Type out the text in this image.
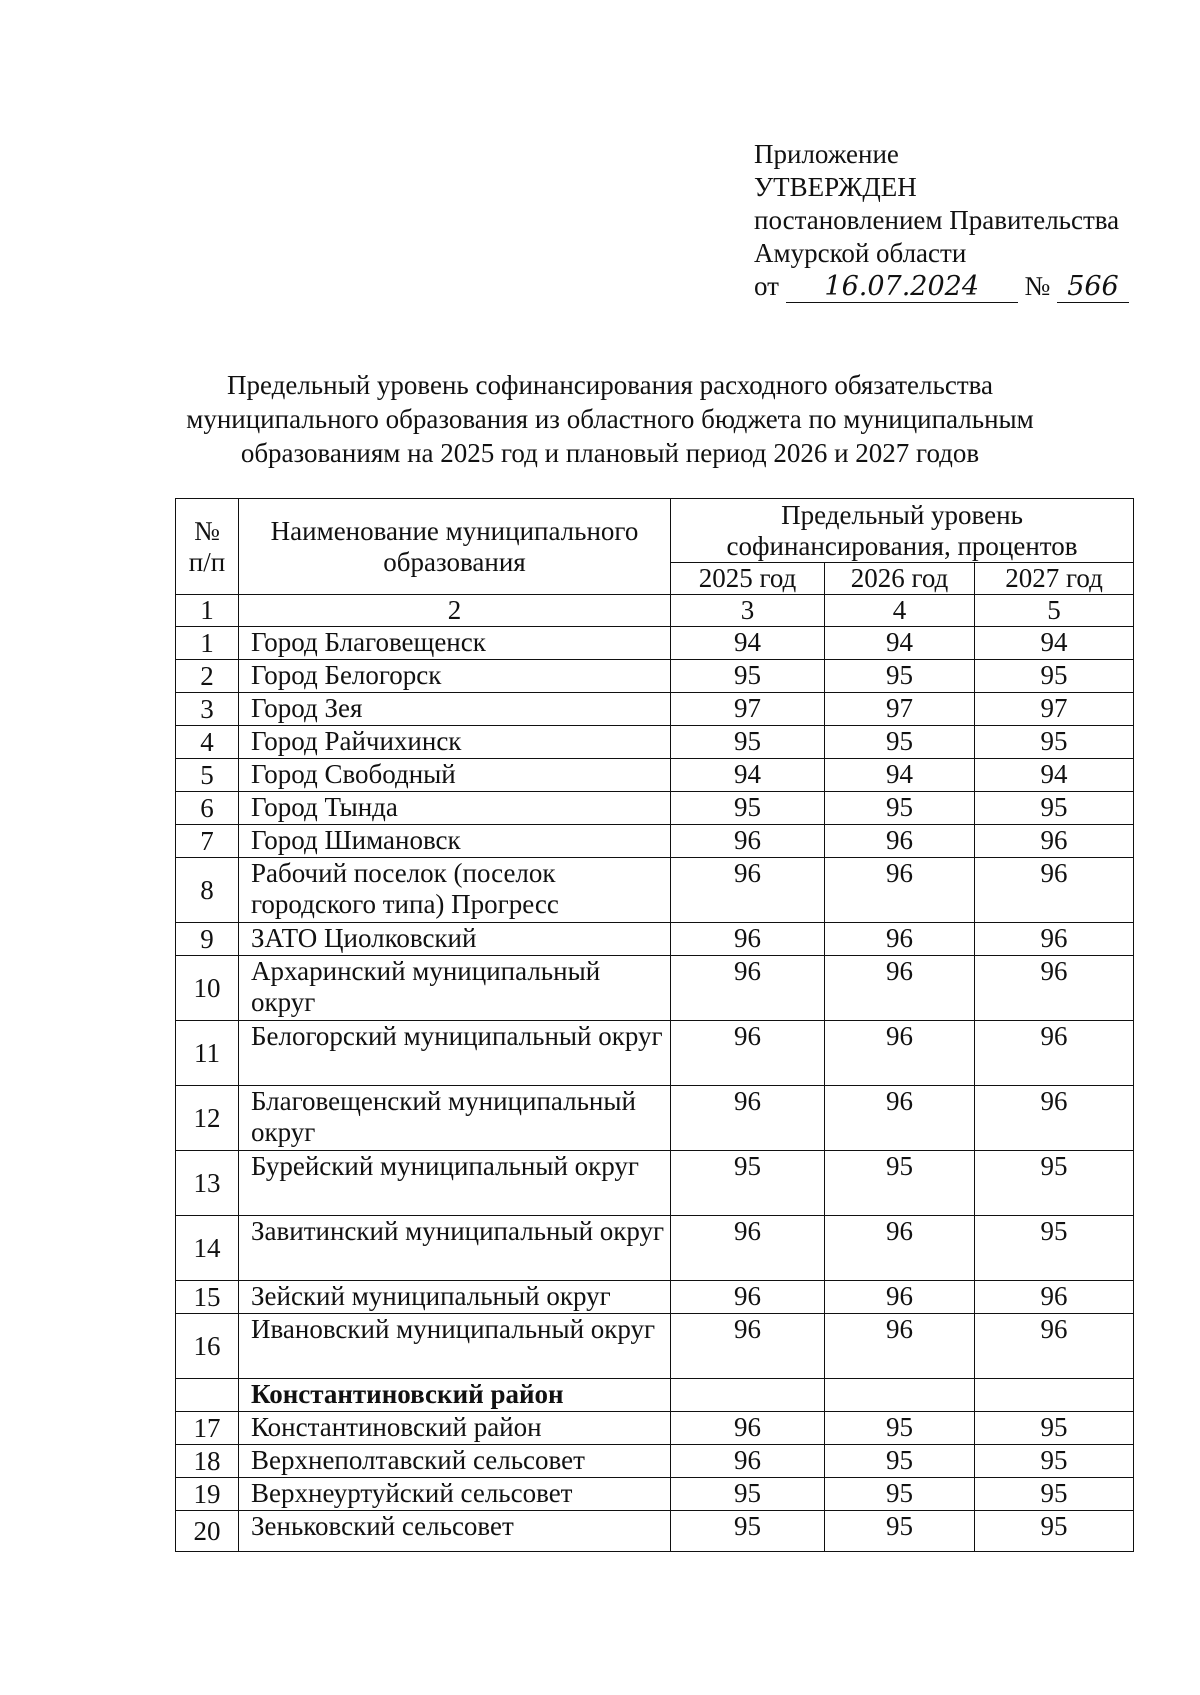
Приложение
УТВЕРЖДЕН
постановлением Правительства
Амурской области
от 16.07.2024 № 566
Предельный уровень софинансирования расходного обязательства
муниципального образования из областного бюджета по муниципальным
образованиям на 2025 год и плановый период 2026 и 2027 годов
№ п/п	Наименование муниципального образования	Предельный уровень софинансирования, процентов		
		2025 год	2026 год	2027 год
1	2	3	4	5
1	Город Благовещенск	94	94	94
2	Город Белогорск	95	95	95
3	Город Зея	97	97	97
4	Город Райчихинск	95	95	95
5	Город Свободный	94	94	94
6	Город Тында	95	95	95
7	Город Шимановск	96	96	96
8	Рабочий поселок (поселок городского типа) Прогресс	96	96	96
9	ЗАТО Циолковский	96	96	96
10	Архаринский муниципальный округ	96	96	96
11	Белогорский муниципальный округ	96	96	96
12	Благовещенский муниципальный округ	96	96	96
13	Бурейский муниципальный округ	95	95	95
14	Завитинский муниципальный округ	96	96	95
15	Зейский муниципальный округ	96	96	96
16	Ивановский муниципальный округ	96	96	96
	Константиновский район			
17	Константиновский район	96	95	95
18	Верхнеполтавский сельсовет	96	95	95
19	Верхнеуртуйский сельсовет	95	95	95
20	Зеньковский сельсовет	95	95	95
